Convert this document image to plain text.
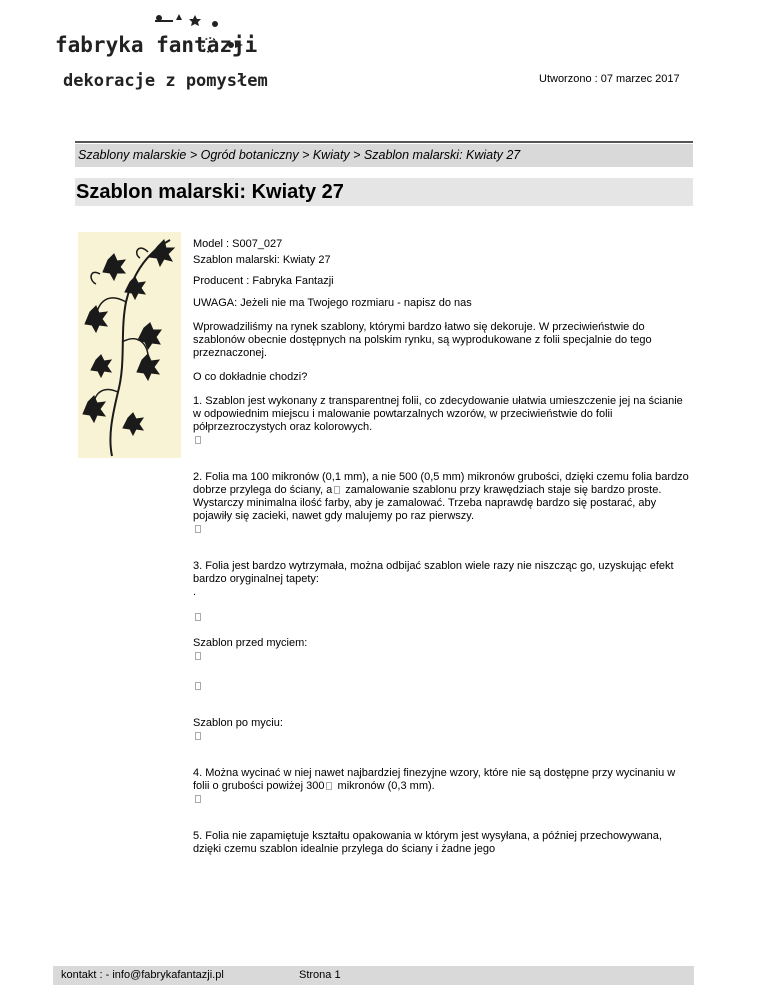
fabryka fantazji
dekoracje z pomysłem	Utworzono : 07 marzec 2017
Szablony malarskie > Ogród botaniczny > Kwiaty > Szablon malarski: Kwiaty 27
Szablon malarski: Kwiaty 27

Model : S007_027

Szablon malarski: Kwiaty 27

Producent : Fabryka Fantazji

UWAGA: Jeżeli nie ma Twojego rozmiaru - napisz do nas

Wprowadziliśmy na rynek szablony, którymi bardzo łatwo się dekoruje. W przeciwieństwie do szablonów obecnie dostępnych na polskim rynku, są wyprodukowane z folii specjalnie do tego przeznaczonej.

O co dokładnie chodzi?

1. Szablon jest wykonany z transparentnej folii, co zdecydowanie ułatwia umieszczenie jej na ścianie w odpowiednim miejscu i malowanie powtarzalnych wzorów, w przeciwieństwie do folii półprzezroczystych oraz kolorowych.

2. Folia ma 100 mikronów (0,1 mm), a nie 500 (0,5 mm) mikronów grubości, dzięki czemu folia bardzo dobrze przylega do ściany, a zamalowanie szablonu przy krawędziach staje się bardzo proste. Wystarczy minimalna ilość farby, aby je zamalować. Trzeba naprawdę bardzo się postarać, aby pojawiły się zacieki, nawet gdy malujemy po raz pierwszy.

3. Folia jest bardzo wytrzymała, można odbijać szablon wiele razy nie niszcząc go, uzyskując efekt bardzo oryginalnej tapety:

.

Szablon przed myciem:

Szablon po myciu:

4. Można wycinać w niej nawet najbardziej finezyjne wzory, które nie są dostępne przy wycinaniu w folii o grubości powiżej 300 mikronów (0,3 mm).

5. Folia nie zapamiętuje kształtu opakowania w którym jest wysyłana, a później przechowywana, dzięki czemu szablon idealnie przylega do ściany i żadne jego

kontakt : - info@fabrykafantazji.pl	Strona 1
